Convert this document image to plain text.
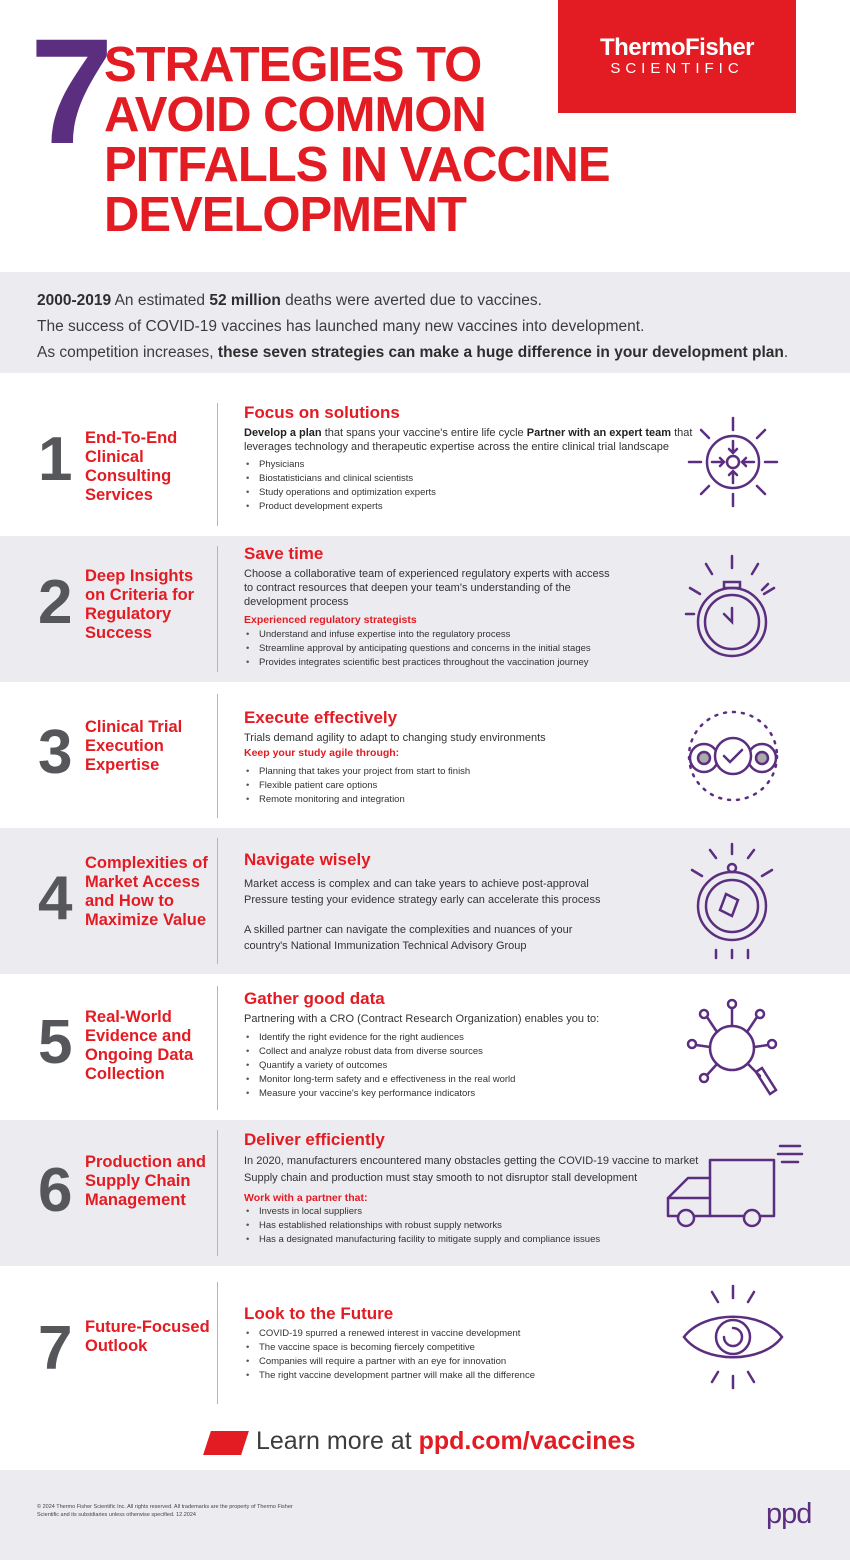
7
STRATEGIES TO AVOID COMMON PITFALLS IN VACCINE DEVELOPMENT
ThermoFisher
SCIENTIFIC
2000-2019 An estimated 52 million deaths were averted due to vaccines.
The success of COVID-19 vaccines has launched many new vaccines into development.
As competition increases, these seven strategies can make a huge difference in your development plan.
1 End-To-End Clinical Consulting Services
Focus on solutions
Develop a plan that spans your vaccine's entire life cycle Partner with an expert team that leverages technology and therapeutic expertise across the entire clinical trial landscape
• Physicians
• Biostatisticians and clinical scientists
• Study operations and optimization experts
• Product development experts
2 Deep Insights on Criteria for Regulatory Success
Save time
Choose a collaborative team of experienced regulatory experts with access to contract resources that deepen your team's understanding of the development process
Experienced regulatory strategists
• Understand and infuse expertise into the regulatory process
• Streamline approval by anticipating questions and concerns in the initial stages
• Provides integrates scientific best practices throughout the vaccination journey
3 Clinical Trial Execution Expertise
Execute effectively
Trials demand agility to adapt to changing study environments
Keep your study agile through:
• Planning that takes your project from start to finish
• Flexible patient care options
• Remote monitoring and integration
4
Complexities of Market Access and How to Maximize Value
Navigate wisely
Market access is complex and can take years to achieve post-approval Pressure testing your evidence strategy early can accelerate this process
A skilled partner can navigate the complexities and nuances of your country's National Immunization Technical Advisory Group
5 Real-World Evidence and Ongoing Data Collection
Gather good data
Partnering with a CRO (Contract Research Organization) enables you to:
• Identify the right evidence for the right audiences
• Collect and analyze robust data from diverse sources
• Quantify a variety of outcomes
• Monitor long-term safety and e effectiveness in the real world
• Measure your vaccine's key performance indicators
6 Production and Supply Chain Management
Deliver efficiently
In 2020, manufacturers encountered many obstacles getting the COVID-19 vaccine to market Supply chain and production must stay smooth to not disruptor stall development
Work with a partner that:
• Invests in local suppliers
• Has established relationships with robust supply networks
• Has a designated manufacturing facility to mitigate supply and compliance issues
7 Future-Focused Outlook
Look to the Future
• COVID-19 spurred a renewed interest in vaccine development
• The vaccine space is becoming fiercely competitive
• Companies will require a partner with an eye for innovation
• The right vaccine development partner will make all the difference
Learn more at ppd.com/vaccines
© 2024 Thermo Fisher Scientific Inc. All rights reserved. All trademarks are the property of Thermo Fisher Scientific and its subsidiaries unless otherwise specified. 12.2024	ppd
